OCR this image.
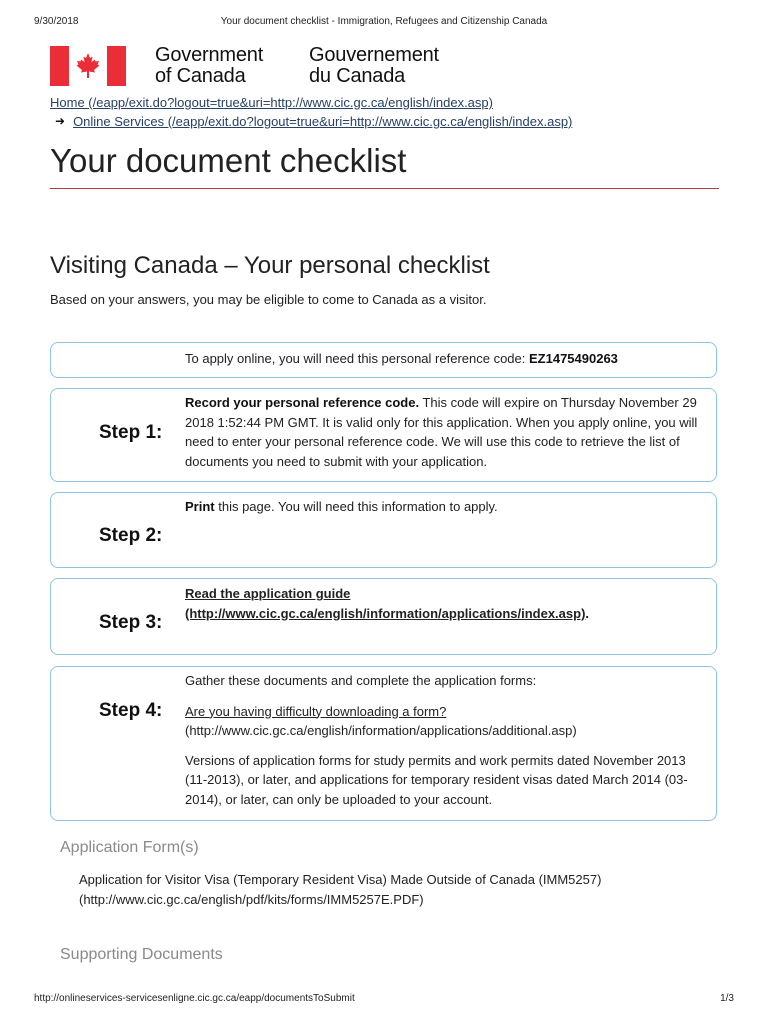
9/30/2018	Your document checklist - Immigration, Refugees and Citizenship Canada
Government
of Canada
Gouvernement
du Canada
Home (/eapp/exit.do?logout=true&uri=http://www.cic.gc.ca/english/index.asp)
➜ Online Services (/eapp/exit.do?logout=true&uri=http://www.cic.gc.ca/english/index.asp)
Your document checklist
Visiting Canada – Your personal checklist

Based on your answers, you may be eligible to come to Canada as a visitor.

To apply online, you will need this personal reference code: EZ1475490263
Step 1:

Record your personal reference code. This code will expire on Thursday November 29 2018 1:52:44 PM GMT. It is valid only for this application. When you apply online, you will need to enter your personal reference code. We will use this code to retrieve the list of documents you need to submit with your application.

Step 2:

Print this page. You will need this information to apply.

Step 3:

Read the application guide
(http://www.cic.gc.ca/english/information/applications/index.asp).

Step 4:

Gather these documents and complete the application forms:

Are you having difficulty downloading a form?
(http://www.cic.gc.ca/english/information/applications/additional.asp)

Versions of application forms for study permits and work permits dated November 2013 (11-2013), or later, and applications for temporary resident visas dated March 2014 (03-2014), or later, can only be uploaded to your account.

Application Form(s)

Application for Visitor Visa (Temporary Resident Visa) Made Outside of Canada (IMM5257)
(http://www.cic.gc.ca/english/pdf/kits/forms/IMM5257E.PDF)

Supporting Documents
http://onlineservices-servicesenligne.cic.gc.ca/eapp/documentsToSubmit	1/3
